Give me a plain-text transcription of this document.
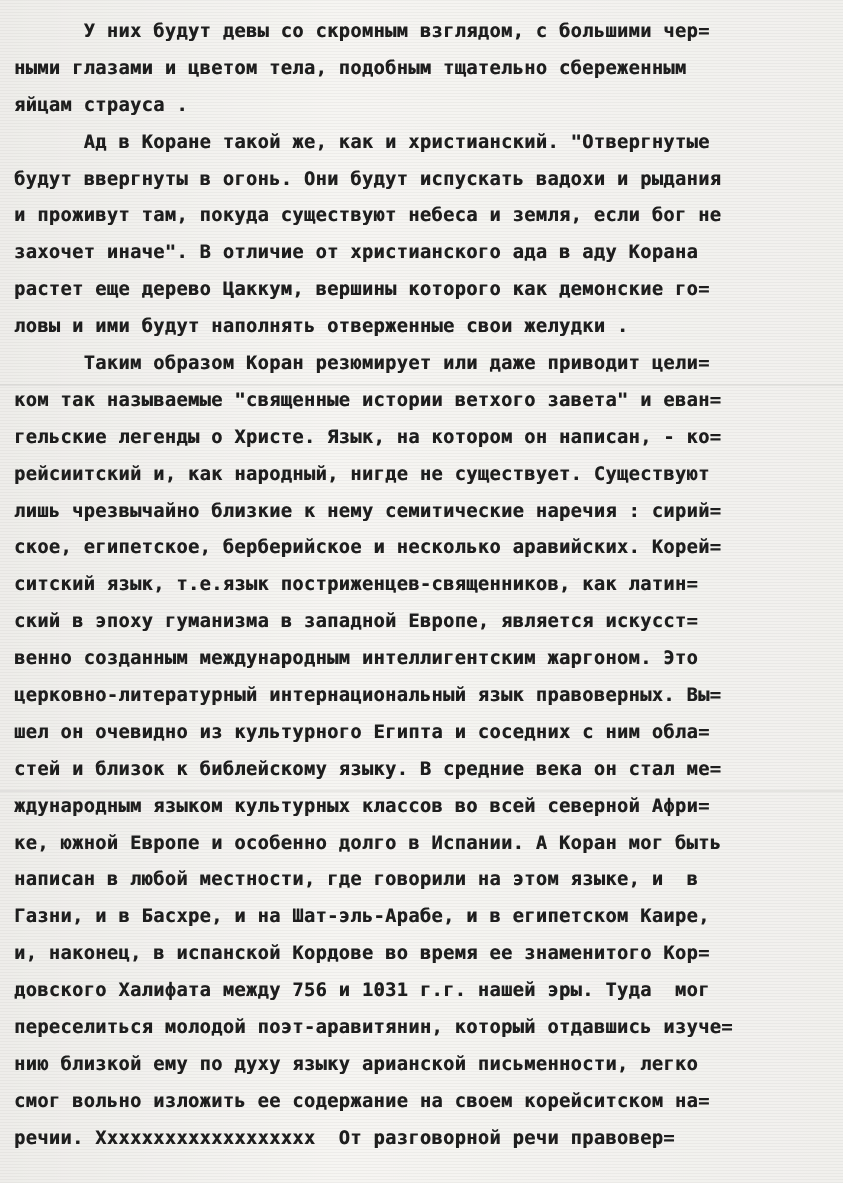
У них будут девы со скромным взглядом, с большими чер=
ными глазами и цветом тела, подобным тщательно сбереженным
яйцам страуса .
Ад в Коране такой же, как и христианский. "Отвергнутые
будут ввергнуты в огонь. Они будут испускать вадохи и рыдания
и проживут там, покуда существуют небеса и земля, если бог не
захочет иначе". В отличие от христианского ада в аду Корана
растет еще дерево Цаккум, вершины которого как демонские го=
ловы и ими будут наполнять отверженные свои желудки .
Таким образом Коран резюмирует или даже приводит цели=
ком так называемые "священные истории ветхого завета" и еван=
гельские легенды о Христе. Язык, на котором он написан, - ко=
рейсиитский и, как народный, нигде не существует. Существуют
лишь чрезвычайно близкие к нему семитические наречия : сирий=
ское, египетское, берберийское и несколько аравийских. Корей=
ситский язык, т.е.язык постриженцев-священников, как латин=
ский в эпоху гуманизма в западной Европе, является искусст=
венно созданным международным интеллигентским жаргоном. Это
церковно-литературный интернациональный язык правоверных. Вы=
шел он очевидно из культурного Египта и соседних с ним обла=
стей и близок к библейскому языку. В средние века он стал ме=
ждународным языком культурных классов во всей северной Афри=
ке, южной Европе и особенно долго в Испании. А Коран мог быть
написан в любой местности, где говорили на этом языке, и  в
Газни, и в Басхре, и на Шат-эль-Арабе, и в египетском Каире,
и, наконец, в испанской Кордове во время ее знаменитого Кор=
довского Халифата между 756 и 1031 г.г. нашей эры. Туда  мог
переселиться молодой поэт-аравитянин, который отдавшись изуче=
нию близкой ему по духу языку арианской письменности, легко
смог вольно изложить ее содержание на своем корейситском на=
речии. Ххххххххххххххххххх  От разговорной речи правовер=
